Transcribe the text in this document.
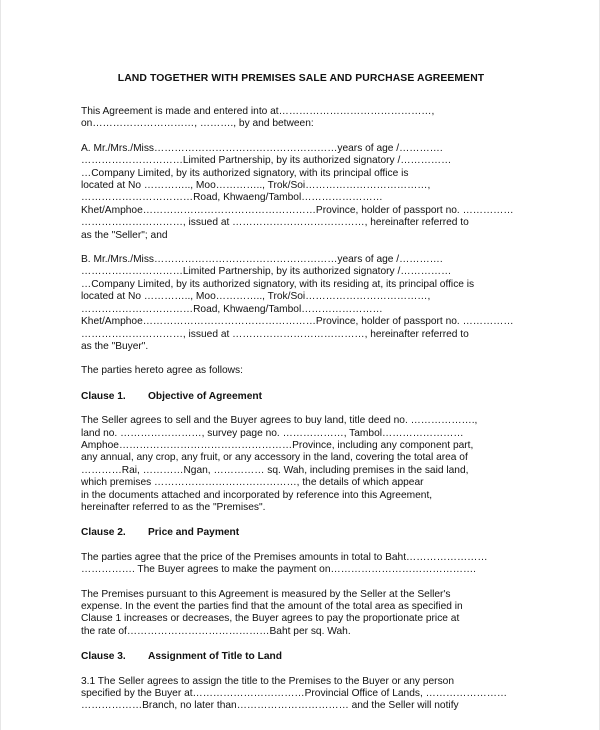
LAND TOGETHER WITH PREMISES SALE AND PURCHASE AGREEMENT

This Agreement is made and entered into at………………………………………,

on…………………………, ………., by and between:

A. Mr./Mrs./Miss………………………………………………years of age /………….

…………………………Limited Partnership, by its authorized signatory /……………

…Company Limited, by its authorized signatory, with its principal office is

located at No ………….., Moo………….., Trok/Soi………………………………,

……………………………Road, Khwaeng/Tambol……………………

Khet/Amphoe……………………………………………Province, holder of passport no. ……………

…………………………, issued at …………………………………, hereinafter referred to

as the "Seller"; and

B. Mr./Mrs./Miss………………………………………………years of age /………….

…………………………Limited Partnership, by its authorized signatory /……………

…Company Limited, by its authorized signatory, with its residing at, its principal office is

located at No ………….., Moo………….., Trok/Soi………………………………,

……………………………Road, Khwaeng/Tambol……………………

Khet/Amphoe……………………………………………Province, holder of passport no. ……………

…………………………, issued at …………………………………, hereinafter referred to

as the "Buyer".

The parties hereto agree as follows:

Clause 1.	Objective of Agreement

The Seller agrees to sell and the Buyer agrees to buy land, title deed no. ……………….,

land no. ……………………, survey page no. ………………, Tambol……………………

Amphoe……………………………………………Province, including any component part,

any annual, any crop, any fruit, or any accessory in the land, covering the total area of

…………Rai, …………Ngan, …………… sq. Wah, including premises in the said land,

which premises ……………………………………, the details of which appear

in the documents attached and incorporated by reference into this Agreement,

hereinafter referred to as the "Premises".

Clause 2.	Price and Payment

The parties agree that the price of the Premises amounts in total to Baht……………………

……………. The Buyer agrees to make the payment on…………………………………….

The Premises pursuant to this Agreement is measured by the Seller at the Seller's

expense. In the event the parties find that the amount of the total area as specified in

Clause 1 increases or decreases, the Buyer agrees to pay the proportionate price at

the rate of……………………………………Baht per sq. Wah.

Clause 3.	Assignment of Title to Land

3.1 The Seller agrees to assign the title to the Premises to the Buyer or any person

specified by the Buyer at……………………………Provincial Office of Lands, ……………………

………………Branch, no later than…………………………… and the Seller will notify
